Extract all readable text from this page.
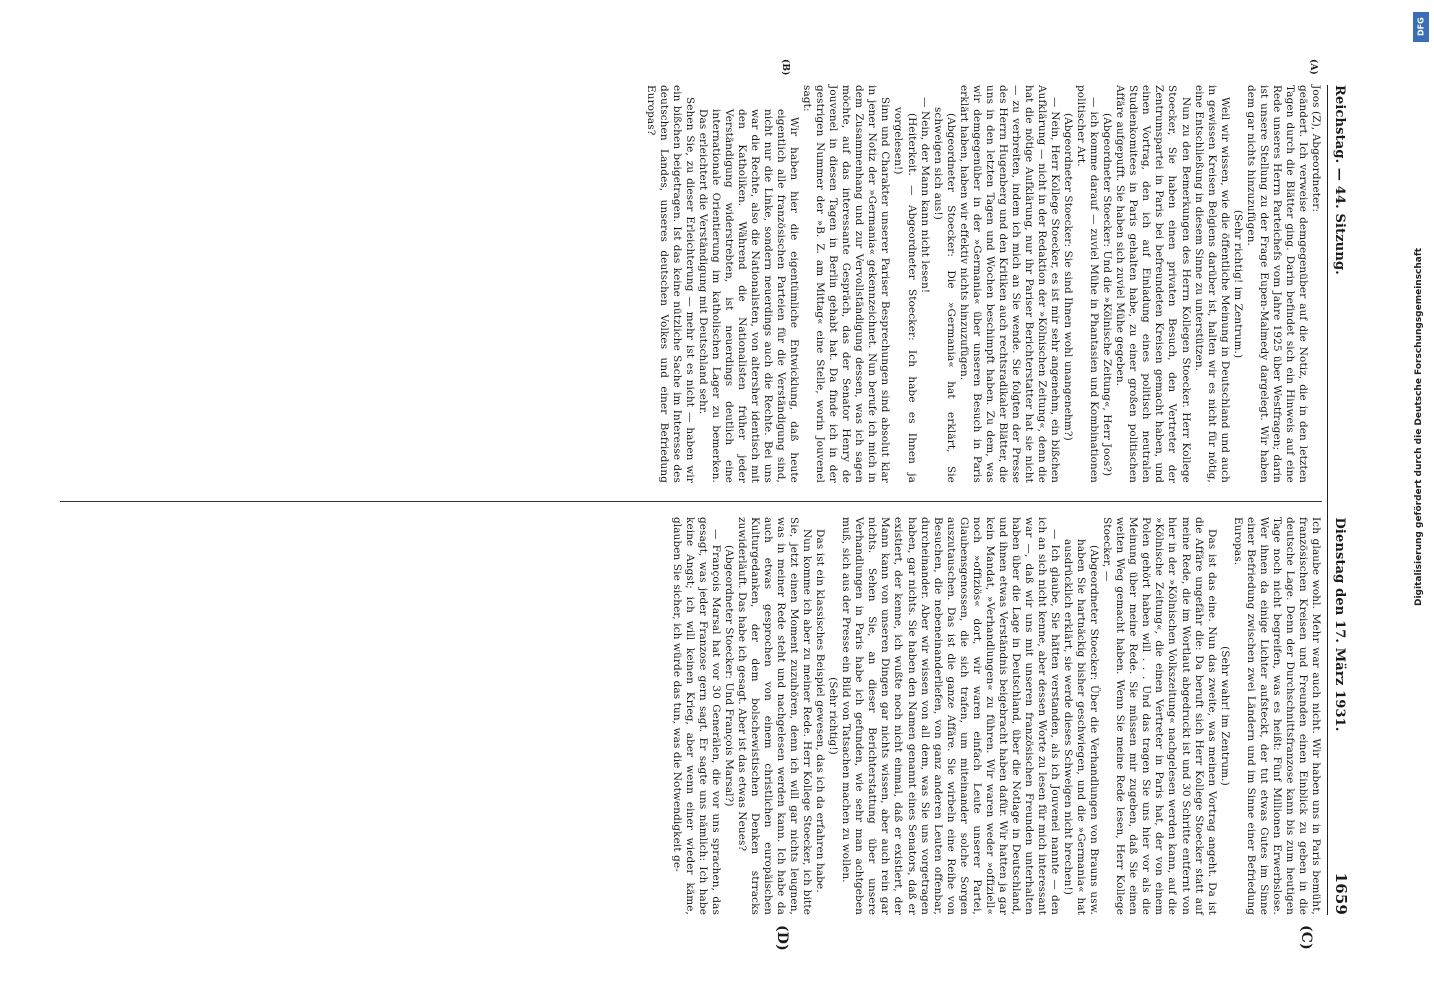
Reichstag. — 44. Sitzung.
Dienstag den 17. März 1931.
1659
(A)
(B)
(C)
(D)

Joos (Z), Abgeordneter:

geändert. Ich verweise demgegenüber auf die Notiz, die in den letzten Tagen durch die Blätter ging. Darin befindet sich ein Hinweis auf eine Rede unseres Herrn Parteichefs vom Jahre 1925 über Westfragen; darin ist unsere Stellung zu der Frage Eupen-Malmedy dargelegt. Wir haben dem gar nichts hinzuzufügen.

(Sehr richtig! im Zentrum.)

Weil wir wissen, wie die öffentliche Meinung in Deutschland und auch in gewissen Kreisen Belgiens darüber ist, halten wir es nicht für nötig, eine Entschließung in diesem Sinne zu unterstützen.

Nun zu den Bemerkungen des Herrn Kollegen Stoecker. Herr Kollege Stoecker, Sie haben einen privaten Besuch, den Vertreter der Zentrumspartei in Paris bei befreundeten Kreisen gemacht haben, und einen Vortrag, den ich auf Einladung eines politisch neutralen Studienkomitees in Paris gehalten habe, zu einer großen politischen Affäre aufgepufft. Sie haben sich zuviel Mühe gegeben.

(Abgeordneter Stoecker: Und die »Kölnische Zeitung«, Herr Joos?)

— ich komme darauf — zuviel Mühe in Phantasien und Kombinationen politischer Art.

(Abgeordneter Stoecker: Sie sind Ihnen wohl unangenehm?)

— Nein, Herr Kollege Stoecker, es ist mir sehr angenehm, ein bißchen Aufklärung — nicht in der Redaktion der »Kölnischen Zeitung«, denn die hat die nötige Aufklärung, nur ihr Pariser Berichterstatter hat sie nicht — zu verbreiten, indem ich mich an Sie wende. Sie folgten der Presse des Herrn Hugenberg und den Kritiken auch rechtsradikaler Blätter, die uns in den letzten Tagen und Wochen beschimpft haben. Zu dem, was wir demgegenüber in der »Germania« über unseren Besuch in Paris erklärt haben, haben wir effektiv nichts hinzuzufügen.

(Abgeordneter Stoecker: Die »Germania« hat erklärt, Sie schweigen sich aus!)

— Nein, der Mann kann nicht lesen!

(Heiterkeit. — Abgeordneter Stoecker: Ich habe es Ihnen ja vorgelesen!)

Sinn und Charakter unserer Pariser Besprechungen sind absolut klar in jener Notiz der »Germania« gekennzeichnet. Nun berufe ich mich in dem Zusammenhang und zur Vervollständigung dessen, was ich sagen möchte, auf das interessante Gespräch, das der Senator Henry de Jouvenel in diesen Tagen in Berlin gehabt hat. Da finde ich in der gestrigen Nummer der »B. Z. am Mittag« eine Stelle, worin Jouvenel sagt:

Wir haben hier die eigentümliche Entwicklung, daß heute eigentlich alle französischen Parteien für die Verständigung sind, nicht nur die Linke, sondern neuerdings auch die Rechte. Bei uns war die Rechte, also die Nationalisten, von altersher identisch mit den Katholiken. Während die Nationalisten früher jeder Verständigung widerstrebten, ist neuerdings deutlich eine internationale Orientierung im katholischen Lager zu bemerken. Das erleichtert die Verständigung mit Deutschland sehr.

Sehen Sie, zu dieser Erleichterung — mehr ist es nicht — haben wir ein bißchen beigetragen. Ist das keine nützliche Sache im Interesse des deutschen Landes, unseres deutschen Volkes und einer Befriedung Europas?

Ich glaube wohl. Mehr war auch nicht. Wir haben uns in Paris bemüht, französischen Kreisen und Freunden einen Einblick zu geben in die deutsche Lage. Denn der Durchschnittsfranzose kann bis zum heutigen Tage noch nicht begreifen, was es heißt: Fünf Millionen Erwerbslose. Wer ihnen da einige Lichter aufsteckt, der tut etwas Gutes im Sinne einer Befriedung zwischen zwei Ländern und im Sinne einer Befriedung Europas.

(Sehr wahr! im Zentrum.)

Das ist das eine. Nun das zweite, was meinen Vortrag angeht. Da ist die Affäre ungefähr die: Da beruft sich Herr Kollege Stoecker statt auf meine Rede, die im Wortlaut abgedruckt ist und 30 Schritte entfernt von hier in der »Kölnischen Volkszeitung« nachgelesen werden kann, auf die »Kölnische Zeitung«, die einen Vertreter in Paris hat, der von einem Polen gehört haben will . . . Und das tragen Sie uns hier vor als die Meinung über meine Rede. Sie müssen mir zugeben, daß Sie einen weiten Weg gemacht haben. Wenn Sie meine Rede lesen, Herr Kollege Stoecker, —

(Abgeordneter Stoecker: Über die Verhandlungen von Brauns usw. haben Sie hartnäckig bisher geschwiegen, und die »Germania« hat ausdrücklich erklärt, sie werde dieses Schweigen nicht brechen!)

— Ich glaube, Sie hätten verstanden, als ich Jouvenel nannte — den ich an sich nicht kenne, aber dessen Worte zu lesen für mich interessant war —, daß wir uns mit unseren französischen Freunden unterhalten haben über die Lage in Deutschland, über die Notlage in Deutschland, und ihnen etwas Verständnis beigebracht haben dafür. Wir hatten ja gar kein Mandat, »Verhandlungen« zu führen. Wir waren weder »offiziell« noch »offiziös« dort, wir waren einfach Leute unserer Partei, Glaubensgenossen, die sich trafen, um miteinander solche Sorgen auszutauschen. Das ist die ganze Affäre. Sie wirbeln eine Reihe von Besuchen, die nebeneinanderliefen, von ganz anderen Leuten offenbar, durcheinander. Aber wir wissen von all dem, was Sie uns vorgetragen haben, gar nichts. Sie haben den Namen genannt eines Senators, daß er existiert, der kenne, ich wußte noch nicht einmal, daß er existiert, der Mann kann von unseren Dingen gar nichts wissen, aber auch rein gar nichts. Sehen Sie, an dieser Berichterstattung über unsere Verhandlungen in Paris habe ich gefunden, wie sehr man achtgeben muß, sich aus der Presse ein Bild von Tatsachen machen zu wollen.

(Sehr richtig!)

Das ist ein klassisches Beispiel gewesen, das ich da erfahren habe.

Nun komme ich aber zu meiner Rede. Herr Kollege Stoecker, ich bitte Sie, jetzt einen Moment zuzuhören, denn ich will gar nichts leugnen, was in meiner Rede steht und nachgelesen werden kann. Ich habe da auch etwas gesprochen von einem christlichen europäischen Kulturgedanken, der dem bolschewistischen Denken strracks zuwiderläuft. Das habe ich gesagt. Aber ist das etwas Neues?

(Abgeordneter Stoecker: Und François Marsal?)

— François Marsal hat vor 30 Generälen, die vor uns sprachen, das gesagt, was jeder Franzose gern sagt. Er sagte uns nämlich: Ich habe keine Angst; ich will keinen Krieg, aber wenn einer wieder käme, glauben Sie sicher, ich würde das tun, was die Notwendigkeit ge-

DFG
Digitalisierung gefördert durch die Deutsche Forschungsgemeinschaft
